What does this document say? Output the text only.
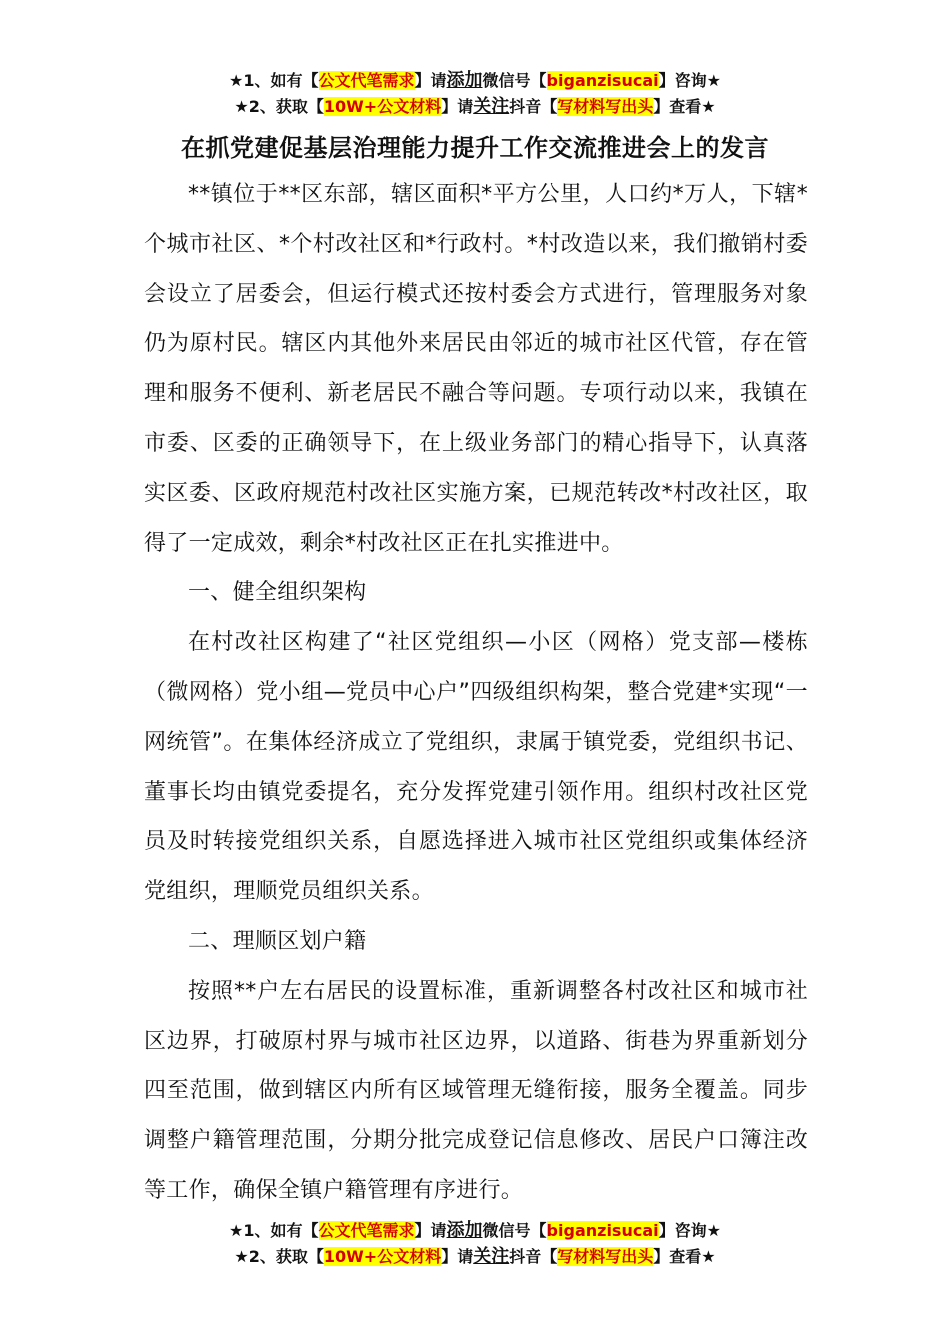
★1、如有【公文代笔需求】请添加微信号【biganzisucai】咨询★
★2、获取【10W+公文材料】请关注抖音【写材料写出头】查看★
在抓党建促基层治理能力提升工作交流推进会上的发言

**镇位于**区东部，辖区面积*平方公里，人口约*万人，下辖*个城市社区、*个村改社区和*行政村。*村改造以来，我们撤销村委会设立了居委会，但运行模式还按村委会方式进行，管理服务对象仍为原村民。辖区内其他外来居民由邻近的城市社区代管，存在管理和服务不便利、新老居民不融合等问题。专项行动以来，我镇在市委、区委的正确领导下，在上级业务部门的精心指导下，认真落实区委、区政府规范村改社区实施方案，已规范转改*村改社区，取得了一定成效，剩余*村改社区正在扎实推进中。

一、健全组织架构

在村改社区构建了“社区党组织—小区（网格）党支部—楼栋（微网格）党小组—党员中心户”四级组织构架，整合党建*实现“一网统管”。在集体经济成立了党组织，隶属于镇党委，党组织书记、董事长均由镇党委提名，充分发挥党建引领作用。组织村改社区党员及时转接党组织关系，自愿选择进入城市社区党组织或集体经济党组织，理顺党员组织关系。

二、理顺区划户籍

按照**户左右居民的设置标准，重新调整各村改社区和城市社区边界，打破原村界与城市社区边界，以道路、街巷为界重新划分四至范围，做到辖区内所有区域管理无缝衔接，服务全覆盖。同步调整户籍管理范围，分期分批完成登记信息修改、居民户口簿注改等工作，确保全镇户籍管理有序进行。

★1、如有【公文代笔需求】请添加微信号【biganzisucai】咨询★
★2、获取【10W+公文材料】请关注抖音【写材料写出头】查看★
